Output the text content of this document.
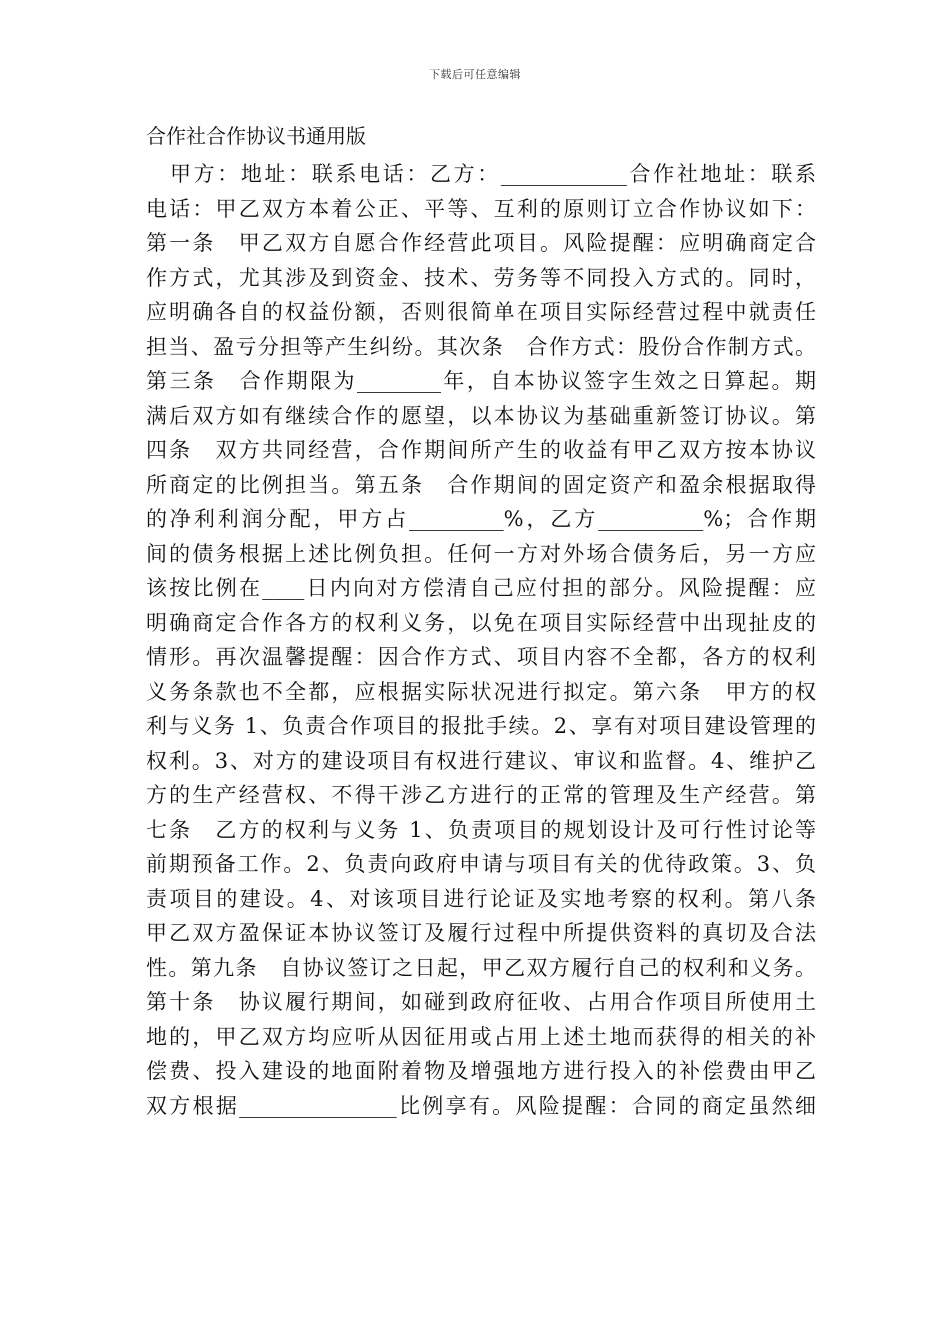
下载后可任意编辑
合作社合作协议书通用版
甲方：地址：联系电话：乙方：____________合作社地址：联系
电话：甲乙双方本着公正、平等、互利的原则订立合作协议如下：
第一条　甲乙双方自愿合作经营此项目。风险提醒：应明确商定合
作方式，尤其涉及到资金、技术、劳务等不同投入方式的。同时，
应明确各自的权益份额，否则很简单在项目实际经营过程中就责任
担当、盈亏分担等产生纠纷。其次条　合作方式：股份合作制方式。
第三条　合作期限为________年，自本协议签字生效之日算起。期
满后双方如有继续合作的愿望，以本协议为基础重新签订协议。第
四条　双方共同经营，合作期间所产生的收益有甲乙双方按本协议
所商定的比例担当。第五条　合作期间的固定资产和盈余根据取得
的净利利润分配，甲方占_________%，乙方__________%；合作期
间的债务根据上述比例负担。任何一方对外场合债务后，另一方应
该按比例在____日内向对方偿清自己应付担的部分。风险提醒：应
明确商定合作各方的权利义务，以免在项目实际经营中出现扯皮的
情形。再次温馨提醒：因合作方式、项目内容不全都，各方的权利
义务条款也不全都，应根据实际状况进行拟定。第六条　甲方的权
利与义务 1、负责合作项目的报批手续。2、享有对项目建设管理的
权利。3、对方的建设项目有权进行建议、审议和监督。4、维护乙
方的生产经营权、不得干涉乙方进行的正常的管理及生产经营。第
七条　乙方的权利与义务 1、负责项目的规划设计及可行性讨论等
前期预备工作。2、负责向政府申请与项目有关的优待政策。3、负
责项目的建设。4、对该项目进行论证及实地考察的权利。第八条
甲乙双方盈保证本协议签订及履行过程中所提供资料的真切及合法
性。第九条　自协议签订之日起，甲乙双方履行自己的权利和义务。
第十条　协议履行期间，如碰到政府征收、占用合作项目所使用土
地的，甲乙双方均应听从因征用或占用上述土地而获得的相关的补
偿费、投入建设的地面附着物及增强地方进行投入的补偿费由甲乙
双方根据_______________比例享有。风险提醒：合同的商定虽然细
